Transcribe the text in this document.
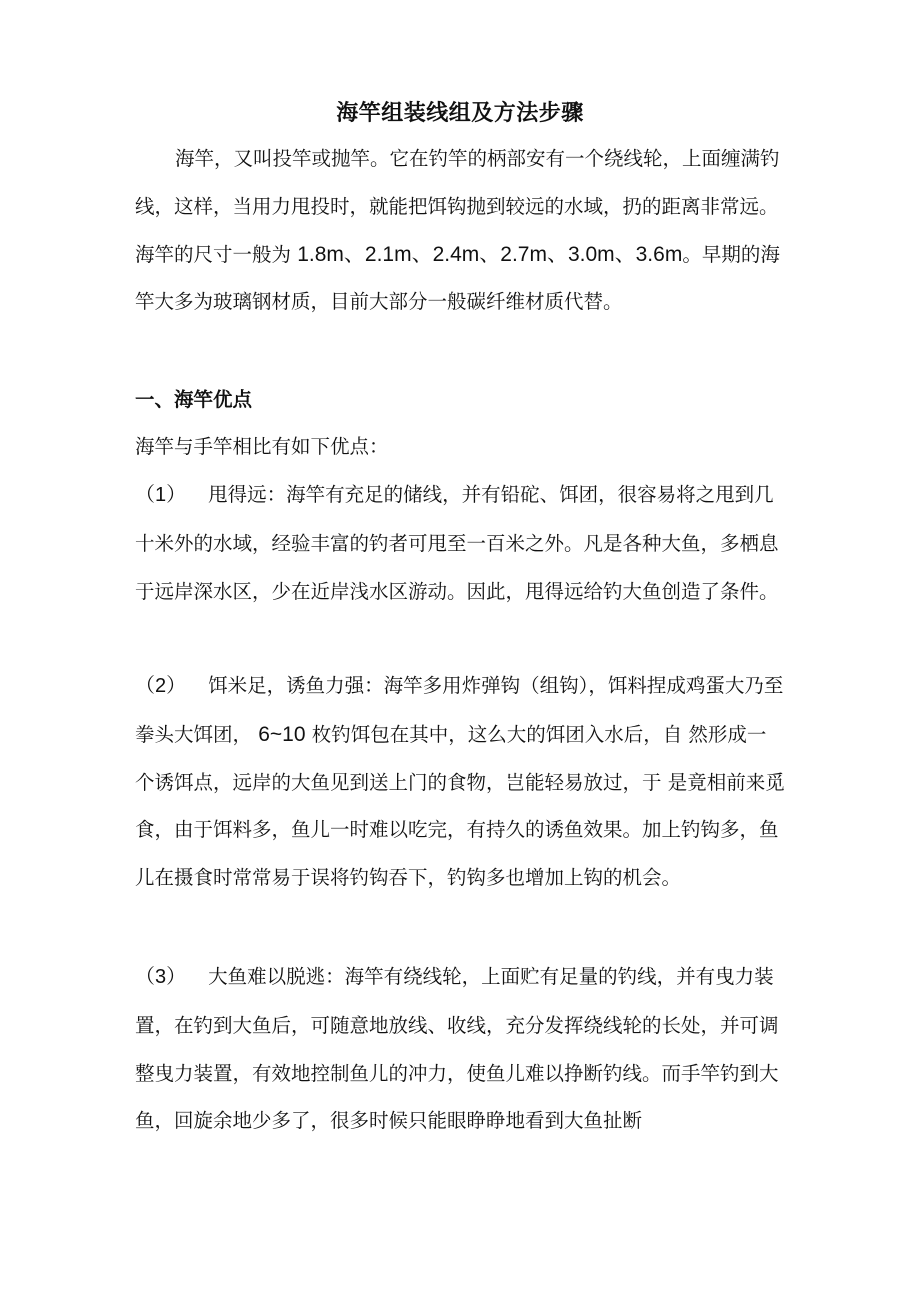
海竿组装线组及方法步骤

海竿，又叫投竿或抛竿。它在钓竿的柄部安有一个绕线轮，上面缠满钓线，这样，当用力甩投时，就能把饵钩抛到较远的水域，扔的距离非常远。海竿的尺寸一般为 1.8m、2.1m、2.4m、2.7m、3.0m、3.6m。早期的海竿大多为玻璃钢材质，目前大部分一般碳纤维材质代替。

一、海竿优点

海竿与手竿相比有如下优点：

（1） 甩得远：海竿有充足的储线，并有铅砣、饵团，很容易将之甩到几十米外的水域，经验丰富的钓者可甩至一百米之外。凡是各种大鱼，多栖息于远岸深水区，少在近岸浅水区游动。因此，甩得远给钓大鱼创造了条件。

（2） 饵米足，诱鱼力强：海竿多用炸弹钩（组钩），饵料捏成鸡蛋大乃至拳头大饵团， 6~10 枚钓饵包在其中，这么大的饵团入水后，自 然形成一个诱饵点，远岸的大鱼见到送上门的食物，岂能轻易放过，于 是竟相前来觅食，由于饵料多，鱼儿一时难以吃完，有持久的诱鱼效果。加上钓钩多，鱼儿在摄食时常常易于误将钓钩吞下，钓钩多也增加上钩的机会。

（3） 大鱼难以脱逃：海竿有绕线轮，上面贮有足量的钓线，并有曳力装置，在钓到大鱼后，可随意地放线、收线，充分发挥绕线轮的长处，并可调整曳力装置，有效地控制鱼儿的冲力，使鱼儿难以挣断钓线。而手竿钓到大鱼，回旋余地少多了，很多时候只能眼睁睁地看到大鱼扯断
